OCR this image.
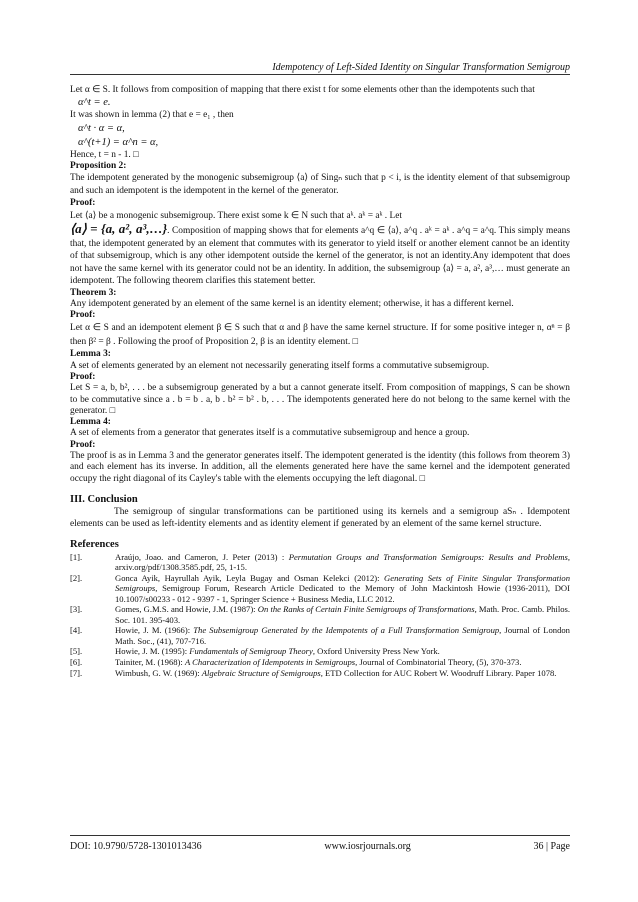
Idempotency of Left-Sided Identity on Singular Transformation Semigroup

Let α ∈ S. It follows from composition of mapping that there exist t for some elements other than the idempotents such that

α^t = e.

It was shown in lemma (2) that e = e₁ , then

α^t · α = α,

α^(t+1) = α^n = α,

Hence, t = n - 1. □

Proposition 2:

The idempotent generated by the monogenic subsemigroup ⟨a⟩ of Singₙ such that p < i, is the identity element of that subsemigroup and such an idempotent is the idempotent in the kernel of the generator.

Proof:

Let ⟨a⟩ be a monogenic subsemigroup. There exist some k ∈ N such that aᵏ. aᵏ = aᵏ . Let

⟨a⟩ = {a, a², a³,…}. Composition of mapping shows that for elements a^q ∈ ⟨a⟩, a^q . aᵏ = aᵏ . a^q = a^q. This simply means that, the idempotent generated by an element that commutes with its generator to yield itself or another element cannot be an identity of that subsemigroup, which is any other idempotent outside the kernel of the generator, is not an identity.Any idempotent that does not have the same kernel with its generator could not be an identity. In addition, the subsemigroup ⟨a⟩ = a, a², a³,… must generate an idempotent. The following theorem clarifies this statement better.

Theorem 3:

Any idempotent generated by an element of the same kernel is an identity element; otherwise, it has a different kernel.

Proof:

Let α ∈ S and an idempotent element β ∈ S such that α and β have the same kernel structure. If for some positive integer n, αⁿ = β then β² = β . Following the proof of Proposition 2, β is an identity element. □

Lemma 3:

A set of elements generated by an element not necessarily generating itself forms a commutative subsemigroup.

Proof:

Let S = a, b, b², . . . be a subsemigroup generated by a but a cannot generate itself. From composition of mappings, S can be shown to be commutative since a . b = b . a, b . b² = b² . b, . . . The idempotents generated here do not belong to the same kernel with the generator. □

Lemma 4:

A set of elements from a generator that generates itself is a commutative subsemigroup and hence a group.

Proof:

The proof is as in Lemma 3 and the generator generates itself. The idempotent generated is the identity (this follows from theorem 3) and each element has its inverse. In addition, all the elements generated here have the same kernel and the idempotent generated occupy the right diagonal of its Cayley's table with the elements occupying the left diagonal. □

III. Conclusion

The semigroup of singular transformations can be partitioned using its kernels and a semigroup aSₙ . Idempotent elements can be used as left-identity elements and as identity element if generated by an element of the same kernel structure.

References

[1].	Araújo, Joao. and Cameron, J. Peter (2013) : Permutation Groups and Transformation Semigroups: Results and Problems, arxiv.org/pdf/1308.3585.pdf, 25, 1-15.
[2].	Gonca Ayik, Hayrullah Ayik, Leyla Bugay and Osman Kelekci (2012): Generating Sets of Finite Singular Transformation Semigroups, Semigroup Forum, Research Article Dedicated to the Memory of John Mackintosh Howie (1936-2011), DOI 10.1007/s00233 - 012 - 9397 - 1, Springer Science + Business Media, LLC 2012.
[3].	Gomes, G.M.S. and Howie, J.M. (1987): On the Ranks of Certain Finite Semigroups of Transformations, Math. Proc. Camb. Philos. Soc. 101. 395-403.
[4].	Howie, J. M. (1966): The Subsemigroup Generated by the Idempotents of a Full Transformation Semigroup, Journal of London Math. Soc., (41), 707-716.
[5].	Howie, J. M. (1995): Fundamentals of Semigroup Theory, Oxford University Press New York.
[6].	Tainiter, M. (1968): A Characterization of Idempotents in Semigroups, Journal of Combinatorial Theory, (5), 370-373.
[7].	Wimbush, G. W. (1969): Algebraic Structure of Semigroups, ETD Collection for AUC Robert W. Woodruff Library. Paper 1078.
DOI: 10.9790/5728-1301013436	www.iosrjournals.org	36 | Page
